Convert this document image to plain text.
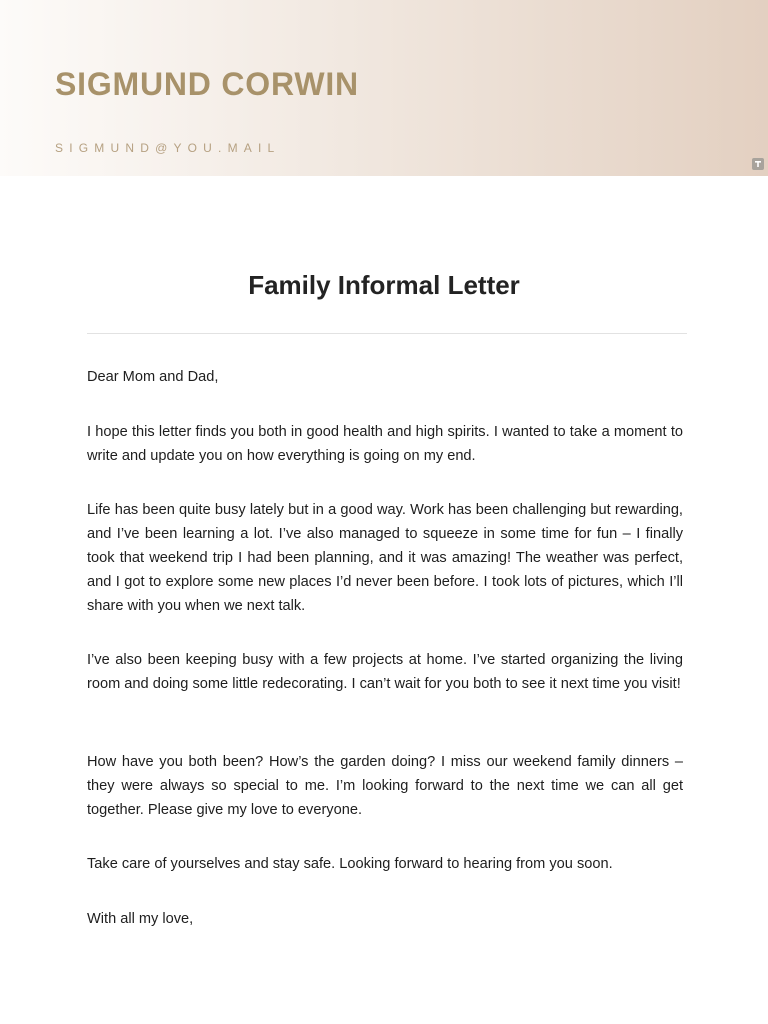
SIGMUND CORWIN
SIGMUND@YOU.MAIL
Family Informal Letter

Dear Mom and Dad,

I hope this letter finds you both in good health and high spirits. I wanted to take a moment to write and update you on how everything is going on my end.

Life has been quite busy lately but in a good way. Work has been challenging but rewarding, and I’ve been learning a lot. I’ve also managed to squeeze in some time for fun – I finally took that weekend trip I had been planning, and it was amazing! The weather was perfect, and I got to explore some new places I’d never been before. I took lots of pictures, which I’ll share with you when we next talk.

I’ve also been keeping busy with a few projects at home. I’ve started organizing the living room and doing some little redecorating. I can’t wait for you both to see it next time you visit!

How have you both been? How’s the garden doing? I miss our weekend family dinners – they were always so special to me. I’m looking forward to the next time we can all get together. Please give my love to everyone.

Take care of yourselves and stay safe. Looking forward to hearing from you soon.

With all my love,
